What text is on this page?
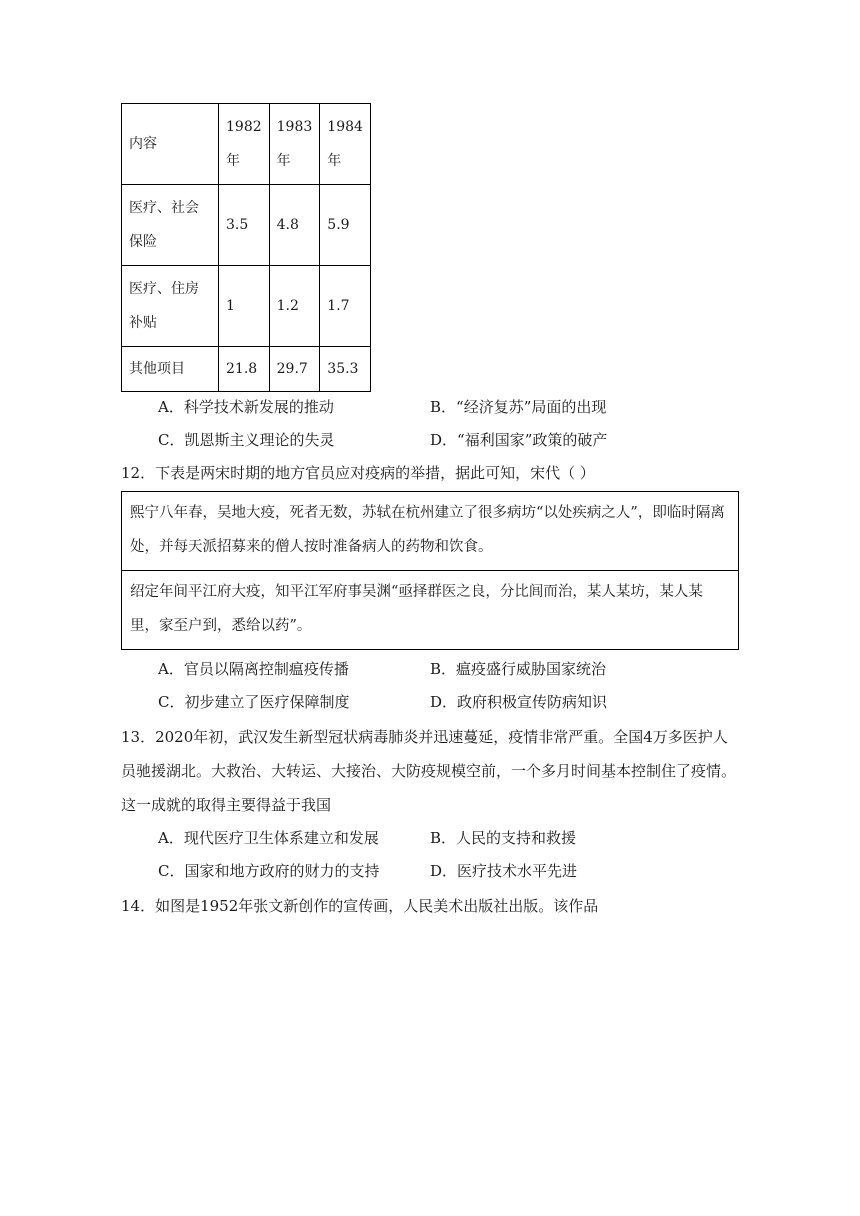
内容	1982年	1983年	1984年
医疗、社会保险	3.5	4.8	5.9
医疗、住房补贴	1	1.2	1.7
其他项目	21.8	29.7	35.3
A．科学技术新发展的推动	B．“经济复苏”局面的出现
C．凯恩斯主义理论的失灵	D．“福利国家”政策的破产
12．下表是两宋时期的地方官员应对疫病的举措，据此可知，宋代（ ）
熙宁八年春，吴地大疫，死者无数，苏轼在杭州建立了很多病坊“以处疾病之人”，即临时隔离处，并每天派招募来的僧人按时准备病人的药物和饮食。
绍定年间平江府大疫，知平江军府事吴渊“亟择群医之良，分比闾而治，某人某坊，某人某里，家至户到，悉给以药”。
A．官员以隔离控制瘟疫传播	B．瘟疫盛行威胁国家统治
C．初步建立了医疗保障制度	D．政府积极宣传防病知识
13．2020年初，武汉发生新型冠状病毒肺炎并迅速蔓延，疫情非常严重。全国4万多医护人员驰援湖北。大救治、大转运、大接治、大防疫规模空前，一个多月时间基本控制住了疫情。这一成就的取得主要得益于我国
A．现代医疗卫生体系建立和发展	B．人民的支持和救援
C．国家和地方政府的财力的支持	D．医疗技术水平先进
14．如图是1952年张文新创作的宣传画，人民美术出版社出版。该作品
